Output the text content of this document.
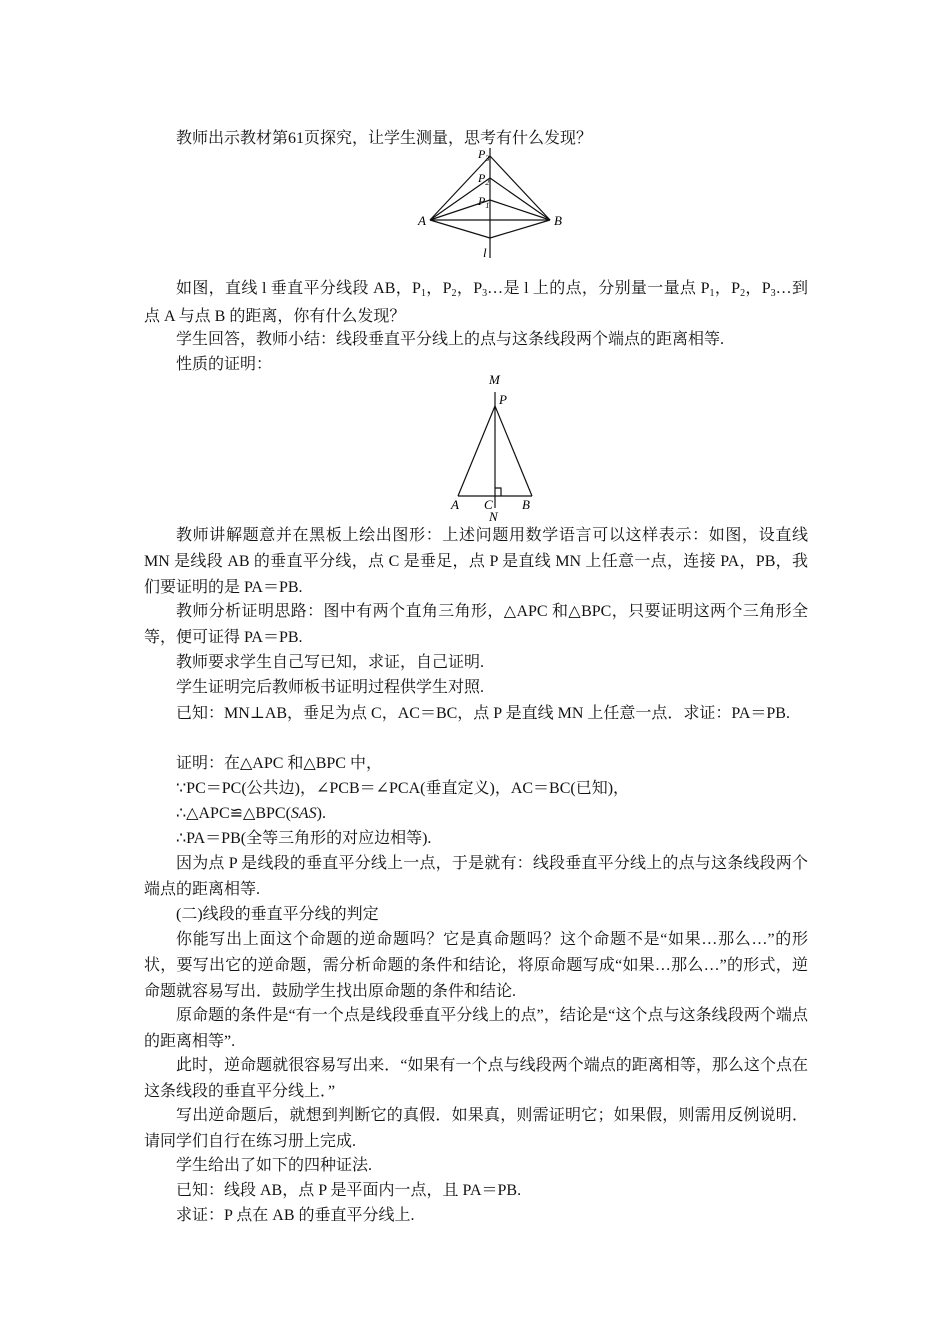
教师出示教材第61页探究，让学生测量，思考有什么发现？

A	B
l
$P_3$
$P_2$
$P_1$

如图，直线 l 垂直平分线段 AB，$P_1$，$P_2$，$P_3\dots$是 l 上的点，分别量一量点 $P_1$，$P_2$，$P_3\dots$到点 A 与点 B 的距离，你有什么发现？

学生回答，教师小结：线段垂直平分线上的点与这条线段两个端点的距离相等.

性质的证明：

M
P
A C B
N

教师讲解题意并在黑板上绘出图形：上述问题用数学语言可以这样表示：如图，设直线 MN 是线段 AB 的垂直平分线，点 C 是垂足，点 P 是直线 MN 上任意一点，连接 PA，PB，我们要证明的是 PA＝PB.

教师分析证明思路：图中有两个直角三角形，△APC 和△BPC，只要证明这两个三角形全等，便可证得 PA＝PB.

教师要求学生自己写已知，求证，自己证明.

学生证明完后教师板书证明过程供学生对照.

已知：MN⊥AB，垂足为点 C，AC＝BC，点 P 是直线 MN 上任意一点．求证：PA＝PB.

证明：在△APC 和△BPC 中，

∵PC＝PC(公共边)，∠PCB＝∠PCA(垂直定义)，AC＝BC(已知)，

∴△APC≌△BPC(SAS).

∴PA＝PB(全等三角形的对应边相等).

因为点 P 是线段的垂直平分线上一点，于是就有：线段垂直平分线上的点与这条线段两个端点的距离相等.

(二)线段的垂直平分线的判定

你能写出上面这个命题的逆命题吗？它是真命题吗？这个命题不是“如果…那么…”的形状，要写出它的逆命题，需分析命题的条件和结论，将原命题写成“如果…那么…”的形式，逆命题就容易写出．鼓励学生找出原命题的条件和结论.

原命题的条件是“有一个点是线段垂直平分线上的点”，结论是“这个点与这条线段两个端点的距离相等”.

此时，逆命题就很容易写出来．“如果有一个点与线段两个端点的距离相等，那么这个点在这条线段的垂直平分线上．”

写出逆命题后，就想到判断它的真假．如果真，则需证明它；如果假，则需用反例说明．请同学们自行在练习册上完成.

学生给出了如下的四种证法.

已知：线段 AB，点 P 是平面内一点，且 PA＝PB.

求证：P 点在 AB 的垂直平分线上.
